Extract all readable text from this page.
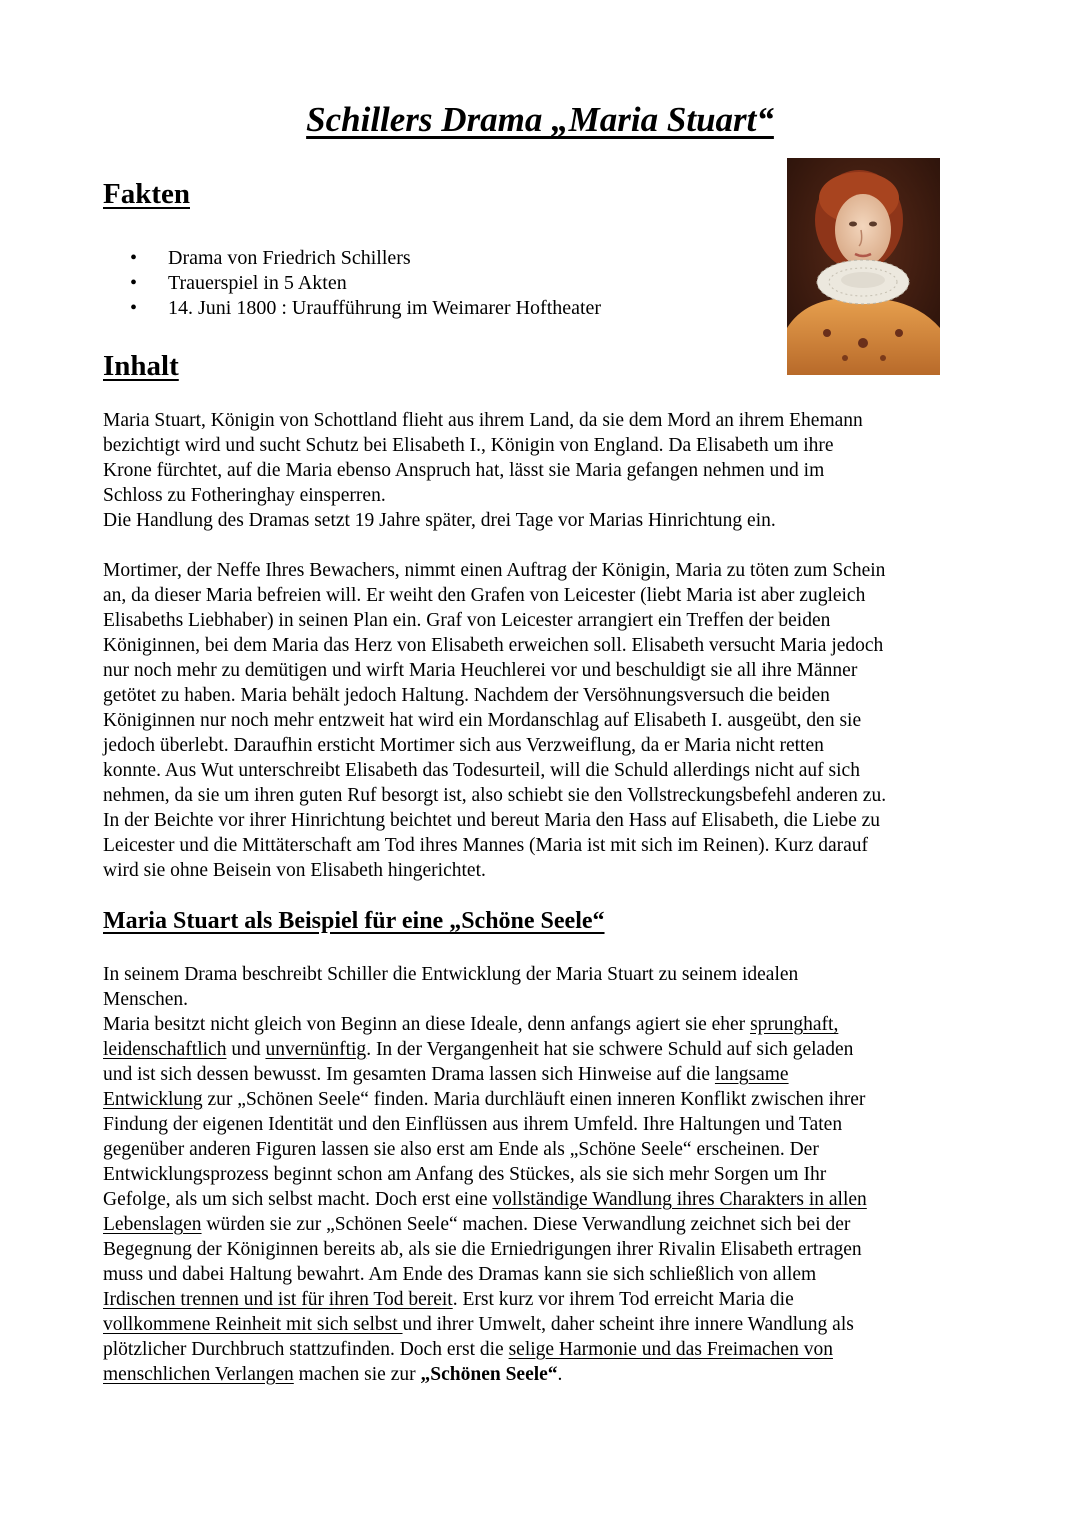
Schillers Drama „Maria Stuart“
Fakten
• Drama von Friedrich Schillers
• Trauerspiel in 5 Akten
• 14. Juni 1800 : Uraufführung im Weimarer Hoftheater
Inhalt

Maria Stuart, Königin von Schottland flieht aus ihrem Land, da sie dem Mord an ihrem Ehemann
bezichtigt wird und sucht Schutz bei Elisabeth I., Königin von England. Da Elisabeth um ihre
Krone fürchtet, auf die Maria ebenso Anspruch hat, lässt sie Maria gefangen nehmen und im
Schloss zu Fotheringhay einsperren.
Die Handlung des Dramas setzt 19 Jahre später, drei Tage vor Marias Hinrichtung ein.

Mortimer, der Neffe Ihres Bewachers, nimmt einen Auftrag der Königin, Maria zu töten zum Schein
an, da dieser Maria befreien will. Er weiht den Grafen von Leicester (liebt Maria ist aber zugleich
Elisabeths Liebhaber) in seinen Plan ein. Graf von Leicester arrangiert ein Treffen der beiden
Königinnen, bei dem Maria das Herz von Elisabeth erweichen soll. Elisabeth versucht Maria jedoch
nur noch mehr zu demütigen und wirft Maria Heuchlerei vor und beschuldigt sie all ihre Männer
getötet zu haben. Maria behält jedoch Haltung. Nachdem der Versöhnungsversuch die beiden
Königinnen nur noch mehr entzweit hat wird ein Mordanschlag auf Elisabeth I. ausgeübt, den sie
jedoch überlebt. Daraufhin ersticht Mortimer sich aus Verzweiflung, da er Maria nicht retten
konnte. Aus Wut unterschreibt Elisabeth das Todesurteil, will die Schuld allerdings nicht auf sich
nehmen, da sie um ihren guten Ruf besorgt ist, also schiebt sie den Vollstreckungsbefehl anderen zu.
In der Beichte vor ihrer Hinrichtung beichtet und bereut Maria den Hass auf Elisabeth, die Liebe zu
Leicester und die Mittäterschaft am Tod ihres Mannes (Maria ist mit sich im Reinen). Kurz darauf
wird sie ohne Beisein von Elisabeth hingerichtet.

Maria Stuart als Beispiel für eine „Schöne Seele“

In seinem Drama beschreibt Schiller die Entwicklung der Maria Stuart zu seinem idealen
Menschen.
Maria besitzt nicht gleich von Beginn an diese Ideale, denn anfangs agiert sie eher sprunghaft,
leidenschaftlich und unvernünftig. In der Vergangenheit hat sie schwere Schuld auf sich geladen
und ist sich dessen bewusst. Im gesamten Drama lassen sich Hinweise auf die langsame
Entwicklung zur „Schönen Seele“ finden. Maria durchläuft einen inneren Konflikt zwischen ihrer
Findung der eigenen Identität und den Einflüssen aus ihrem Umfeld. Ihre Haltungen und Taten
gegenüber anderen Figuren lassen sie also erst am Ende als „Schöne Seele“ erscheinen. Der
Entwicklungsprozess beginnt schon am Anfang des Stückes, als sie sich mehr Sorgen um Ihr
Gefolge, als um sich selbst macht. Doch erst eine vollständige Wandlung ihres Charakters in allen
Lebenslagen würden sie zur „Schönen Seele“ machen. Diese Verwandlung zeichnet sich bei der
Begegnung der Königinnen bereits ab, als sie die Erniedrigungen ihrer Rivalin Elisabeth ertragen
muss und dabei Haltung bewahrt. Am Ende des Dramas kann sie sich schließlich von allem
Irdischen trennen und ist für ihren Tod bereit. Erst kurz vor ihrem Tod erreicht Maria die
vollkommene Reinheit mit sich selbst und ihrer Umwelt, daher scheint ihre innere Wandlung als
plötzlicher Durchbruch stattzufinden. Doch erst die selige Harmonie und das Freimachen von
menschlichen Verlangen machen sie zur „Schönen Seele“.
